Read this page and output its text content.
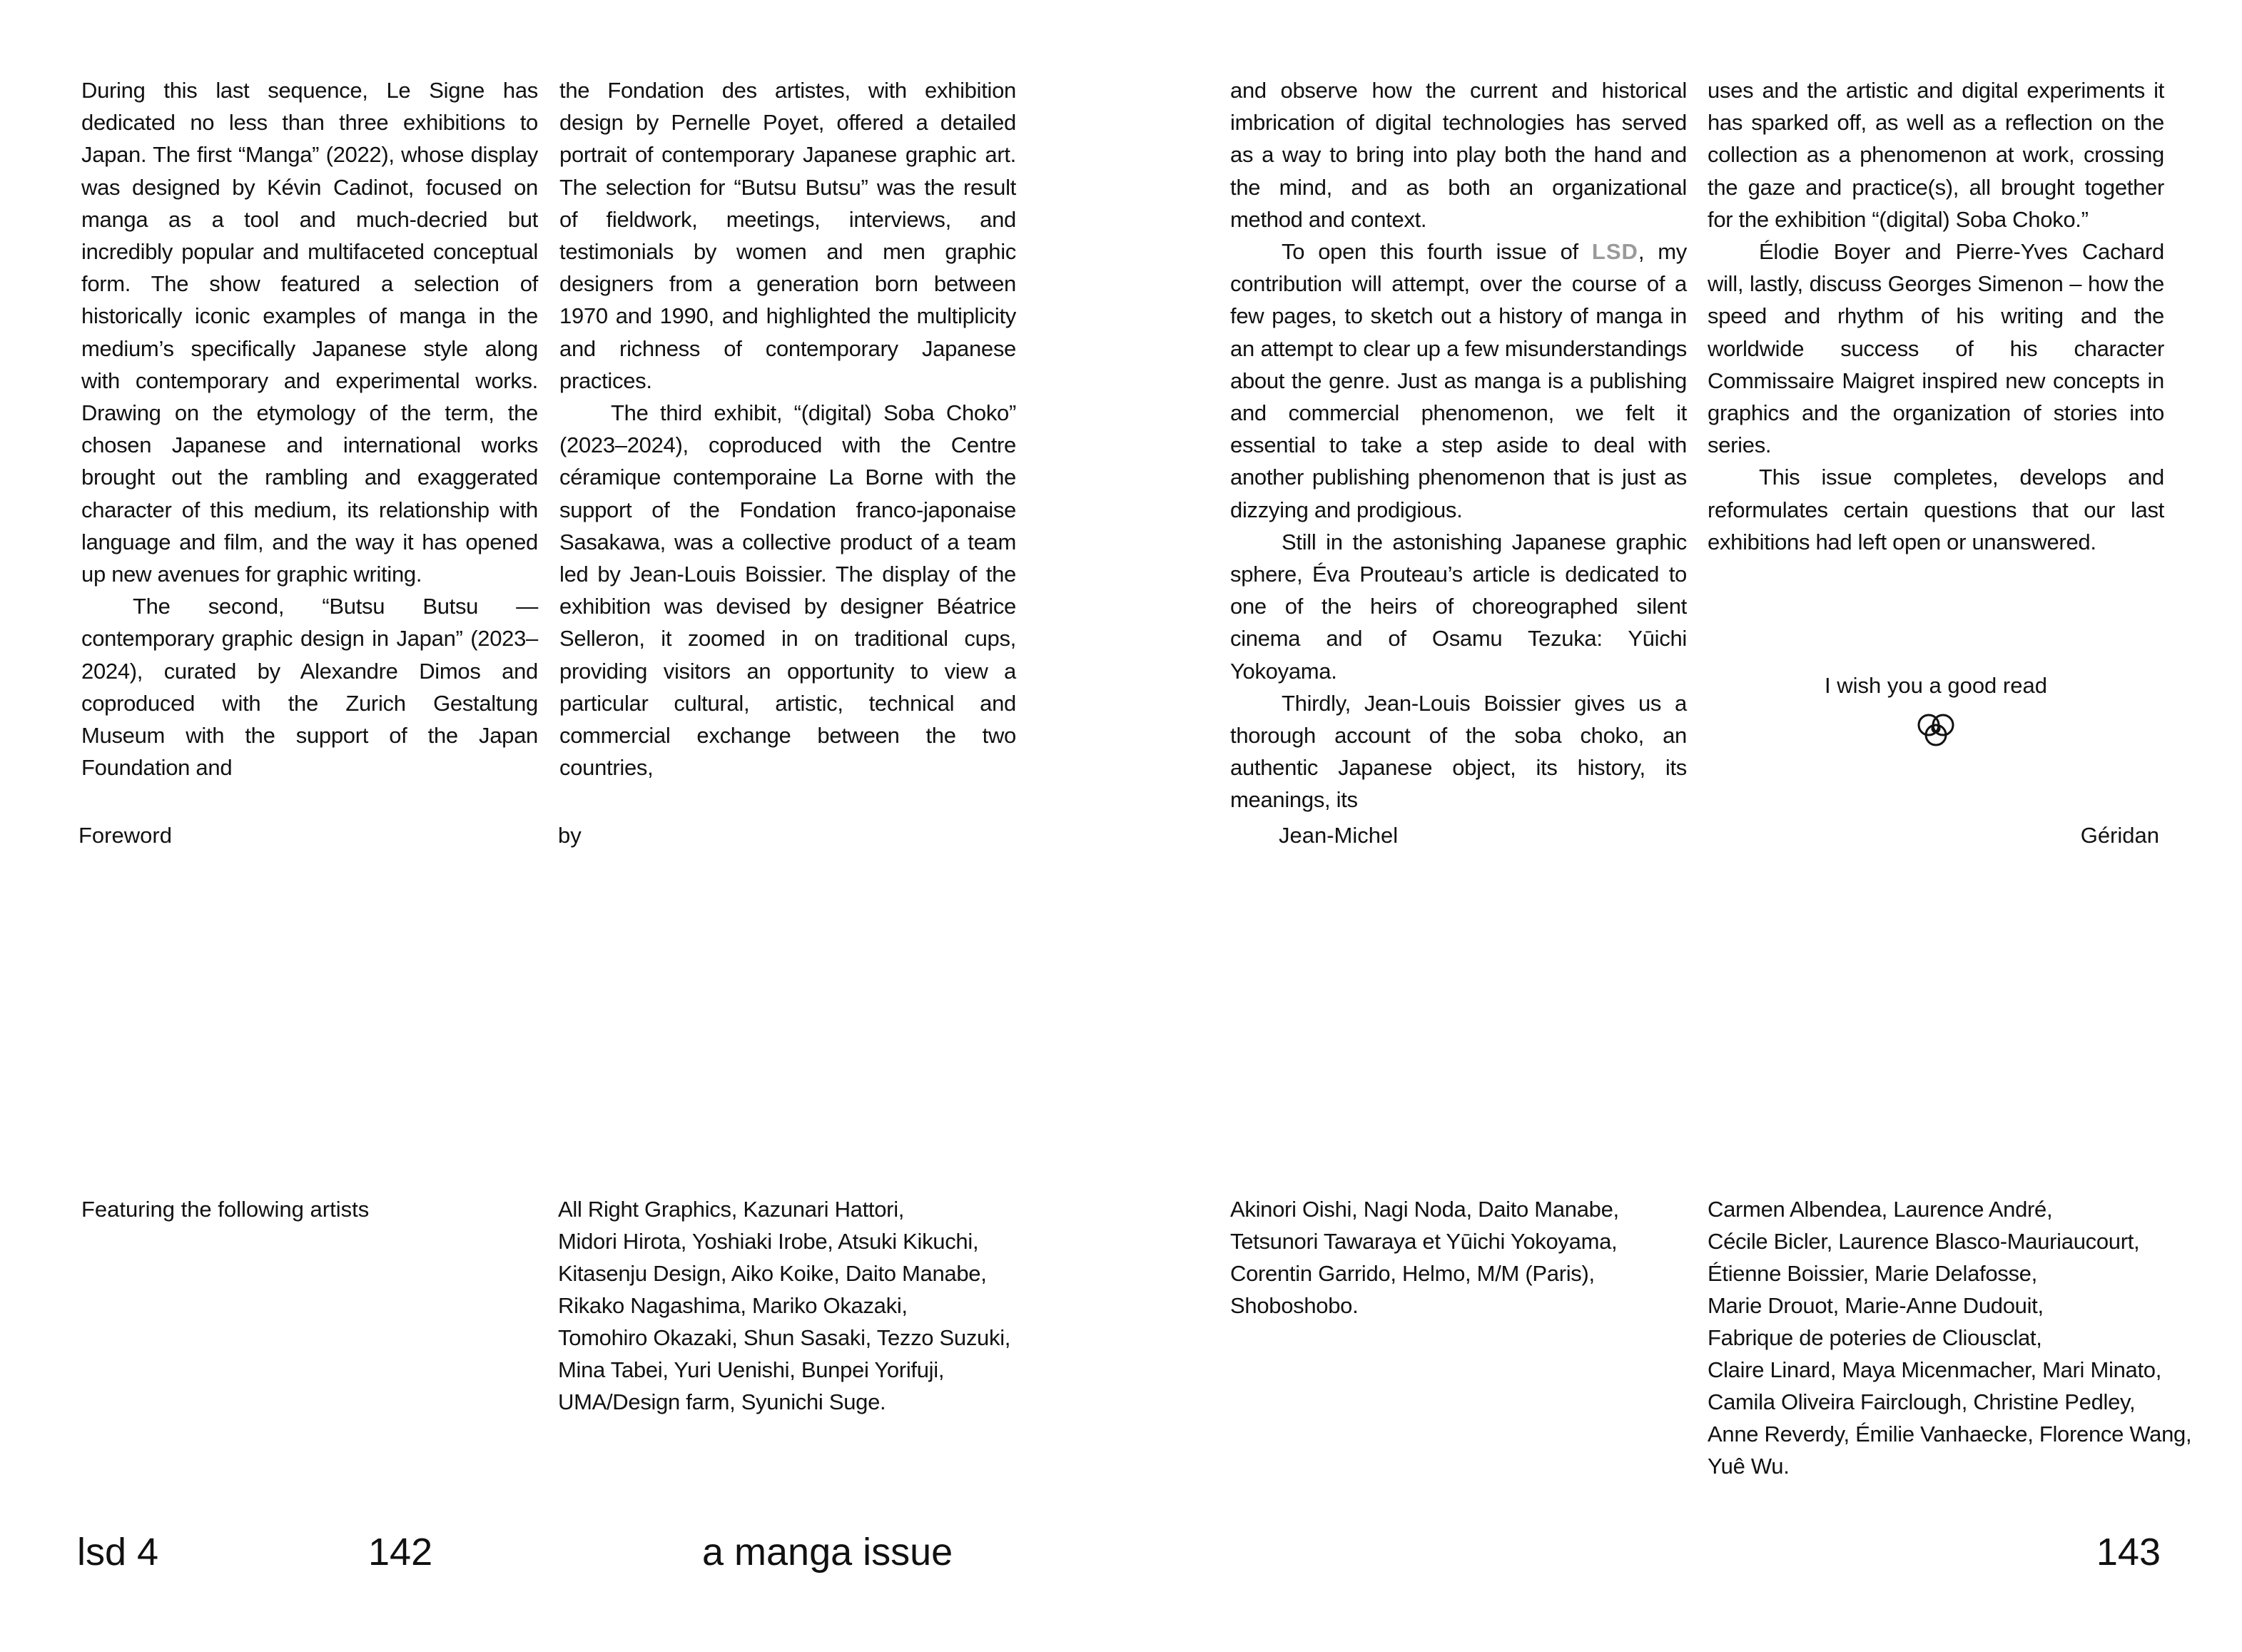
During this last sequence, Le Signe has dedicated no less than three exhibitions to Japan. The first “Manga” (2022), whose display was designed by Kévin Cadinot, focused on manga as a tool and much-decried but incredibly popular and multifaceted conceptual form. The show featured a selection of historically iconic examples of manga in the medium’s specifically Japanese style along with contemporary and experimental works. Drawing on the etymology of the term, the chosen Japanese and international works brought out the rambling and exaggerated character of this medium, its relationship with language and film, and the way it has opened up new avenues for graphic writing.

The second, “Butsu Butsu — contemporary graphic design in Japan” (2023–2024), curated by Alexandre Dimos and coproduced with the Zurich Gestaltung Museum with the support of the Japan Foundation and

the Fondation des artistes, with exhibition design by Pernelle Poyet, offered a detailed portrait of contemporary Japanese graphic art. The selection for “Butsu Butsu” was the result of fieldwork, meetings, interviews, and testimonials by women and men graphic designers from a generation born between 1970 and 1990, and highlighted the multiplicity and richness of contemporary Japanese practices.

The third exhibit, “(digital) Soba Choko” (2023–2024), coproduced with the Centre céramique contemporaine La Borne with the support of the Fondation franco-japonaise Sasakawa, was a collective product of a team led by Jean-Louis Boissier. The display of the exhibition was devised by designer Béatrice Selleron, it zoomed in on traditional cups, providing visitors an opportunity to view a particular cultural, artistic, technical and commercial exchange between the two countries,

and observe how the current and historical imbrication of digital technologies has served as a way to bring into play both the hand and the mind, and as both an organizational method and context.

To open this fourth issue of LSD, my contribution will attempt, over the course of a few pages, to sketch out a history of manga in an attempt to clear up a few misunderstandings about the genre. Just as manga is a publishing and commercial phenomenon, we felt it essential to take a step aside to deal with another publishing phenomenon that is just as dizzying and prodigious.

Still in the astonishing Japanese graphic sphere, Éva Prouteau’s article is dedicated to one of the heirs of choreographed silent cinema and of Osamu Tezuka: Yūichi Yokoyama.

Thirdly, Jean-Louis Boissier gives us a thorough account of the soba choko, an authentic Japanese object, its history, its meanings, its

uses and the artistic and digital experiments it has sparked off, as well as a reflection on the collection as a phenomenon at work, crossing the gaze and practice(s), all brought together for the exhibition “(digital) Soba Choko.”

Élodie Boyer and Pierre-Yves Cachard will, lastly, discuss Georges Simenon – how the speed and rhythm of his writing and the worldwide success of his character Commissaire Maigret inspired new concepts in graphics and the organization of stories into series.

This issue completes, develops and reformulates certain questions that our last exhibitions had left open or unanswered.

I wish you a good read
Foreword	by	Jean-Michel	Géridan
Featuring the following artists	All Right Graphics, Kazunari Hattori,
Midori Hirota, Yoshiaki Irobe, Atsuki Kikuchi,
Kitasenju Design, Aiko Koike, Daito Manabe,
Rikako Nagashima, Mariko Okazaki,
Tomohiro Okazaki, Shun Sasaki, Tezzo Suzuki,
Mina Tabei, Yuri Uenishi, Bunpei Yorifuji,
UMA/Design farm, Syunichi Suge.
Akinori Oishi, Nagi Noda, Daito Manabe,
Tetsunori Tawaraya et Yūichi Yokoyama,
Corentin Garrido, Helmo, M/M (Paris),
Shoboshobo.
Carmen Albendea, Laurence André,
Cécile Bicler, Laurence Blasco-Mauriaucourt,
Étienne Boissier, Marie Delafosse,
Marie Drouot, Marie-Anne Dudouit,
Fabrique de poteries de Cliousclat,
Claire Linard, Maya Micenmacher, Mari Minato,
Camila Oliveira Fairclough, Christine Pedley,
Anne Reverdy, Émilie Vanhaecke, Florence Wang,
Yuê Wu.
lsd 4	142	a manga issue	143
